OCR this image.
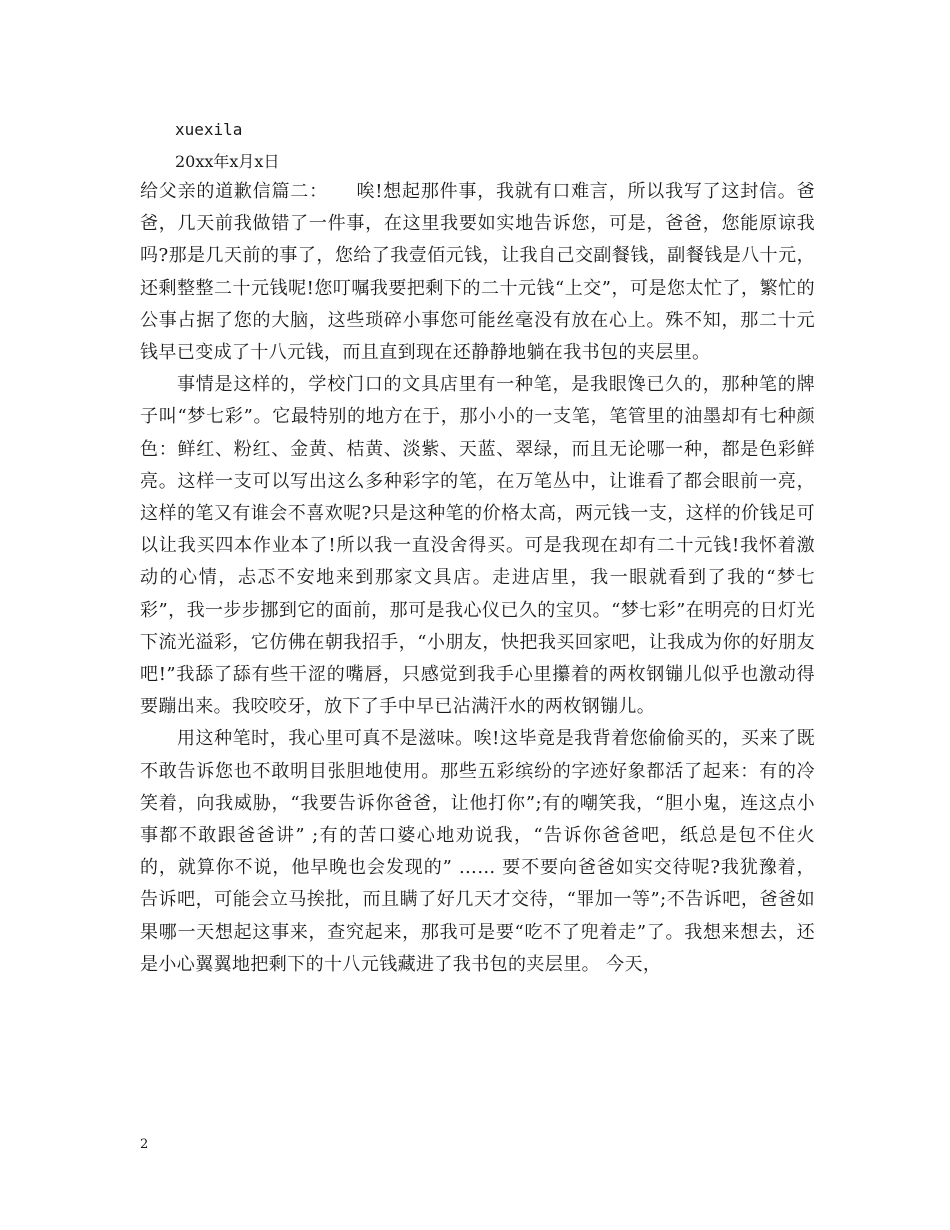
xuexila
20xx年x月x日

给父亲的道歉信篇二：　　 唉!想起那件事，我就有口难言，所以我写了这封信。爸爸，几天前我做错了一件事，在这里我要如实地告诉您，可是，爸爸，您能原谅我吗?那是几天前的事了，您给了我壹佰元钱，让我自己交副餐钱，副餐钱是八十元，还剩整整二十元钱呢!您叮嘱我要把剩下的二十元钱“上交”，可是您太忙了，繁忙的公事占据了您的大脑，这些琐碎小事您可能丝毫没有放在心上。殊不知，那二十元钱早已变成了十八元钱，而且直到现在还静静地躺在我书包的夹层里。

事情是这样的，学校门口的文具店里有一种笔，是我眼馋已久的，那种笔的牌子叫“梦七彩”。它最特别的地方在于，那小小的一支笔，笔管里的油墨却有七种颜色：鲜红、粉红、金黄、桔黄、淡紫、天蓝、翠绿，而且无论哪一种，都是色彩鲜亮。这样一支可以写出这么多种彩字的笔，在万笔丛中，让谁看了都会眼前一亮，这样的笔又有谁会不喜欢呢?只是这种笔的价格太高，两元钱一支，这样的价钱足可以让我买四本作业本了!所以我一直没舍得买。可是我现在却有二十元钱!我怀着激动的心情，忐忑不安地来到那家文具店。走进店里，我一眼就看到了我的“梦七彩”，我一步步挪到它的面前，那可是我心仪已久的宝贝。“梦七彩”在明亮的日灯光下流光溢彩，它仿佛在朝我招手，“小朋友，快把我买回家吧，让我成为你的好朋友吧!”我舔了舔有些干涩的嘴唇，只感觉到我手心里攥着的两枚钢镚儿似乎也激动得要蹦出来。我咬咬牙，放下了手中早已沾满汗水的两枚钢镚儿。

用这种笔时，我心里可真不是滋味。唉!这毕竟是我背着您偷偷买的，买来了既不敢告诉您也不敢明目张胆地使用。那些五彩缤纷的字迹好象都活了起来：有的冷笑着，向我威胁，“我要告诉你爸爸，让他打你”;有的嘲笑我，“胆小鬼，连这点小事都不敢跟爸爸讲” ;有的苦口婆心地劝说我，“告诉你爸爸吧，纸总是包不住火的，就算你不说，他早晚也会发现的” …… 要不要向爸爸如实交待呢?我犹豫着，告诉吧，可能会立马挨批，而且瞒了好几天才交待，“罪加一等”;不告诉吧，爸爸如果哪一天想起这事来，查究起来，那我可是要“吃不了兜着走”了。我想来想去，还是小心翼翼地把剩下的十八元钱藏进了我书包的夹层里。 今天，

2
